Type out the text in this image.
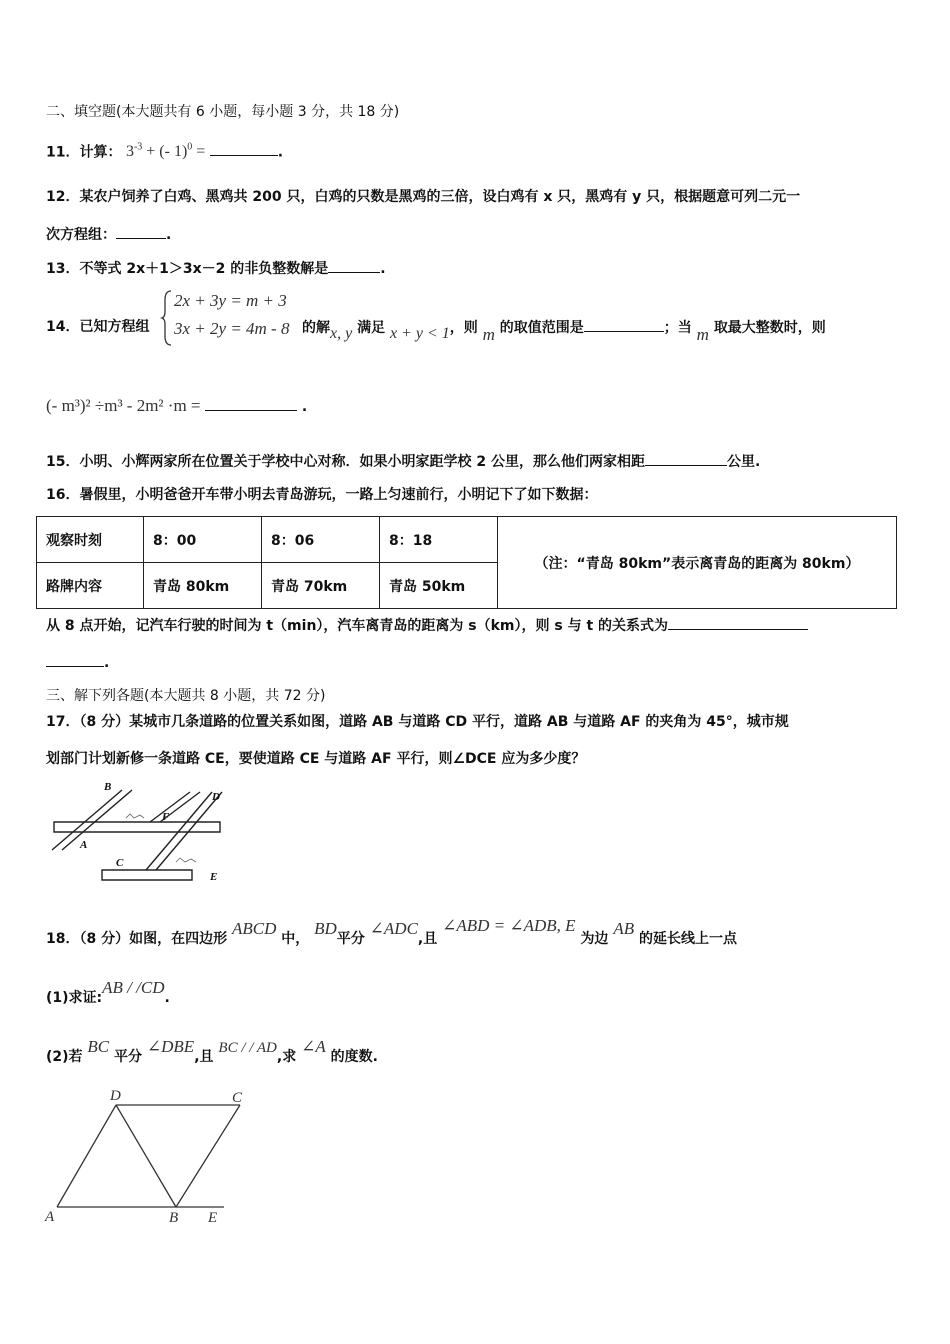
二、填空题(本大题共有 6 小题，每小题 3 分，共 18 分)
11．计算： $3^{-3}$ + (- 1)$^0$ =	.
12．某农户饲养了白鸡、黑鸡共 200 只，白鸡的只数是黑鸡的三倍，设白鸡有 x 只，黑鸡有 y 只，根据题意可列二元一
次方程组：	.
13．不等式 2x＋1＞3x－2 的非负整数解是	.
14．已知方程组
2x + 3y = m + 3
3x + 2y = 4m - 8 的解x, y 满足 x + y < 1，则 m 的取值范围是	；当 m 取最大整数时，则
(- m³)² ÷m³ - 2m² ·m =	.
15．小明、小辉两家所在位置关于学校中心对称．如果小明家距学校 2 公里，那么他们两家相距	公里.
16．暑假里，小明爸爸开车带小明去青岛游玩，一路上匀速前行，小明记下了如下数据：
观察时刻	8：00	8：06	8：18	（注：“青岛 80km”表示离青岛的距离为 80km）
路牌内容	青岛 80km	青岛 70km	青岛 50km	
从 8 点开始，记汽车行驶的时间为 t（min），汽车离青岛的距离为 s（km），则 s 与 t 的关系式为
.
三、解下列各题(本大题共 8 小题，共 72 分)
17．（8 分）某城市几条道路的位置关系如图，道路 AB 与道路 CD 平行，道路 AB 与道路 AF 的夹角为 45°，城市规
划部门计划新修一条道路 CE，要使道路 CE 与道路 AF 平行，则∠DCE 应为多少度？
B
D
F
A
C
E
18．（8 分）如图，在四边形 ABCD 中， BD平分 ∠ADC,且 ∠ABD = ∠ADB, E 为边 AB 的延长线上一点
(1)求证:AB / /CD.
(2)若 BC 平分 ∠DBE,且 BC / / AD,求 ∠A 的度数.
D	C
A	B E
